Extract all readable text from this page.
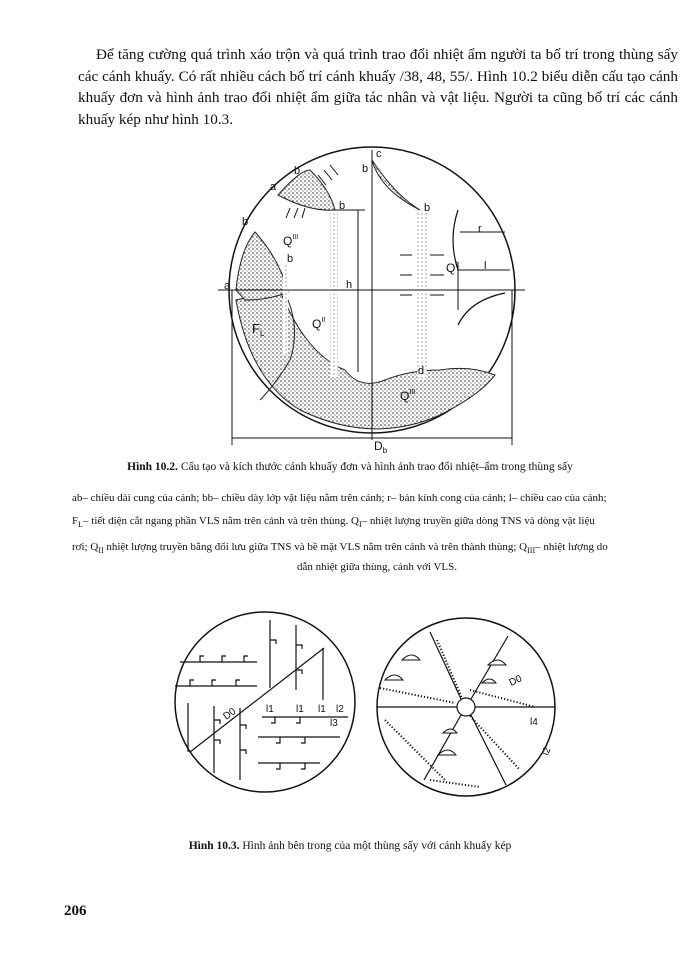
Để tăng cường quá trình xáo trộn và quá trình trao đổi nhiệt ẩm người ta bố trí trong thùng sấy các cánh khuấy. Có rất nhiều cách bố trí cánh khuấy /38, 48, 55/. Hình 10.2 biểu diễn cấu tạo cánh khuấy đơn và hình ảnh trao đổi nhiệt ẩm giữa tác nhân và vật liệu. Người ta cũng bố trí các cánh khuấy kép như hình 10.3.
c
b
b
a
b	b
b
b
a	h
r
l
d
$Q^{III}$
$Q^I$
$Q^{II}$
$Q^{III}$
$F_L$
$D_b$
Hình 10.2. Cấu tạo và kích thước cánh khuấy đơn và hình ảnh trao đổi nhiệt–ẩm trong thùng sấy
ab– chiều dài cung của cánh; bb– chiều dày lớp vật liệu nằm trên cánh; r– bán kính cong của cánh; l– chiều cao của cánh;
$F_L-$ tiết diện cắt ngang phần VLS nằm trên cánh và trên thùng. $Q_I-$ nhiệt lượng truyền giữa dòng TNS và dòng vật liệu
rơi; $Q_{II}$ nhiệt lượng truyền bằng đối lưu giữa TNS và bề mặt VLS nằm trên cánh và trên thành thùng; $Q_{III}-$ nhiệt lượng do
dẫn nhiệt giữa thùng, cánh với VLS.
D0	l1 l1 l1 l2
l3
D0
l4
l2
Hình 10.3. Hình ảnh bên trong của một thùng sấy với cánh khuấy kép
206
